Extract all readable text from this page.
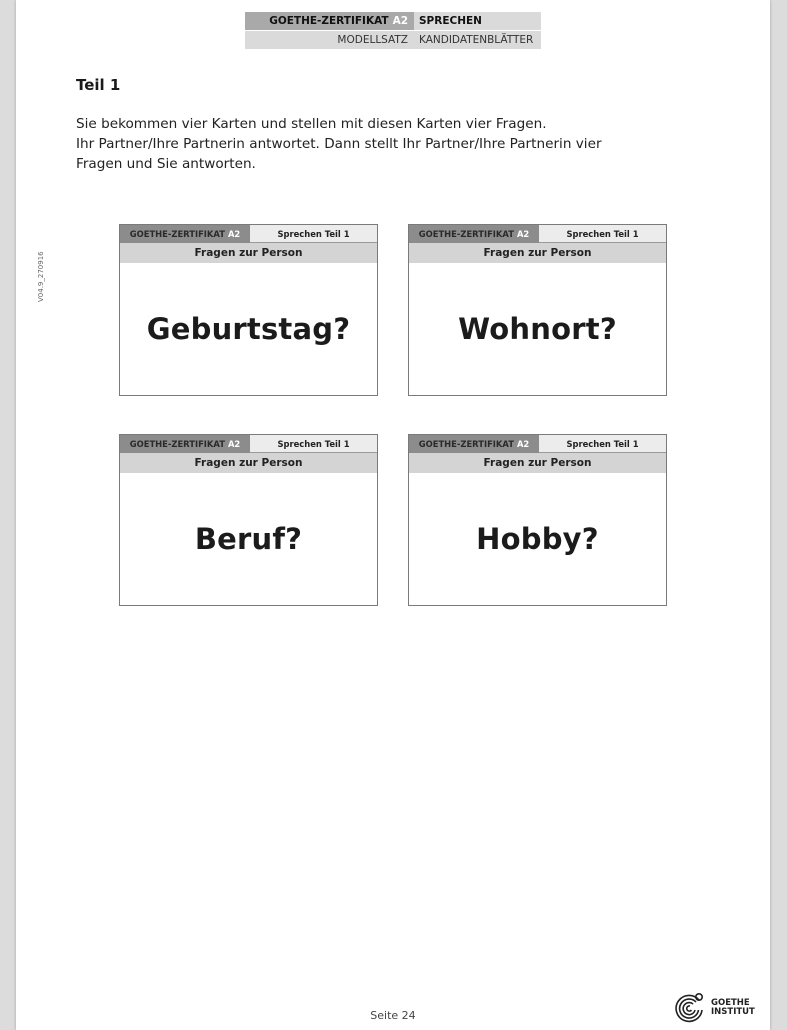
GOETHE-ZERTIFIKAT A2	SPRECHEN
MODELLSATZ	KANDIDATENBLÄTTER
V04.9_270916
Teil 1
Sie bekommen vier Karten und stellen mit diesen Karten vier Fragen.
Ihr Partner/Ihre Partnerin antwortet. Dann stellt Ihr Partner/Ihre Partnerin vier
Fragen und Sie antworten.
GOETHE-ZERTIFIKAT A2	Sprechen Teil 1
Fragen zur Person
Geburtstag?
GOETHE-ZERTIFIKAT A2	Sprechen Teil 1
Fragen zur Person
Wohnort?
GOETHE-ZERTIFIKAT A2	Sprechen Teil 1
Fragen zur Person
Beruf?
GOETHE-ZERTIFIKAT A2	Sprechen Teil 1
Fragen zur Person
Hobby?
Seite 24
GOETHE
INSTITUT
